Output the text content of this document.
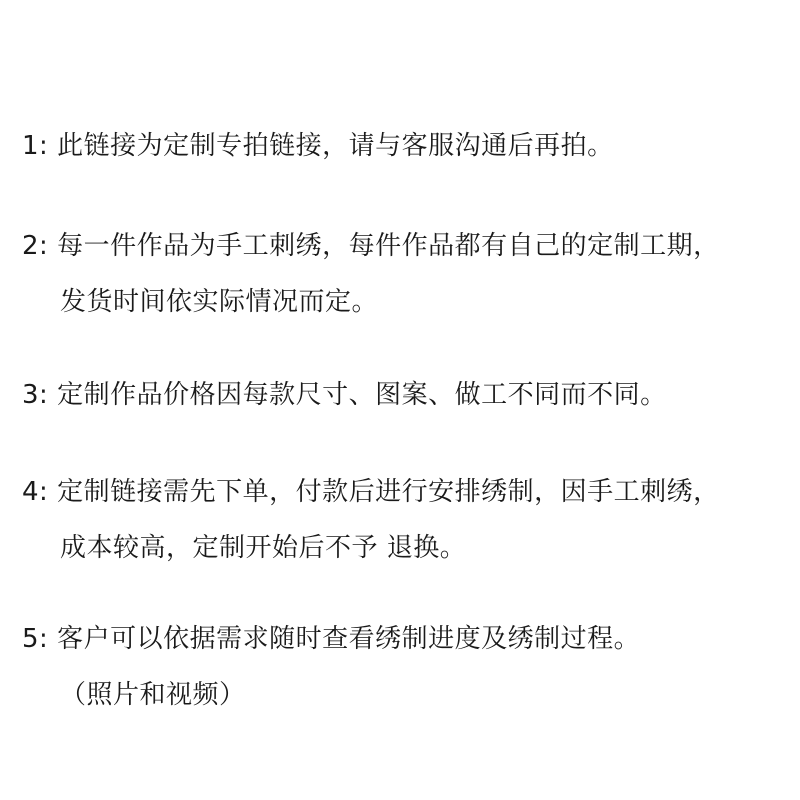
1: 此链接为定制专拍链接，请与客服沟通后再拍。
2: 每一件作品为手工刺绣，每件作品都有自己的定制工期，
发货时间依实际情况而定。
3: 定制作品价格因每款尺寸、图案、做工不同而不同。
4: 定制链接需先下单，付款后进行安排绣制，因手工刺绣，
成本较高，定制开始后不予 退换。
5: 客户可以依据需求随时查看绣制进度及绣制过程。
（照片和视频）
